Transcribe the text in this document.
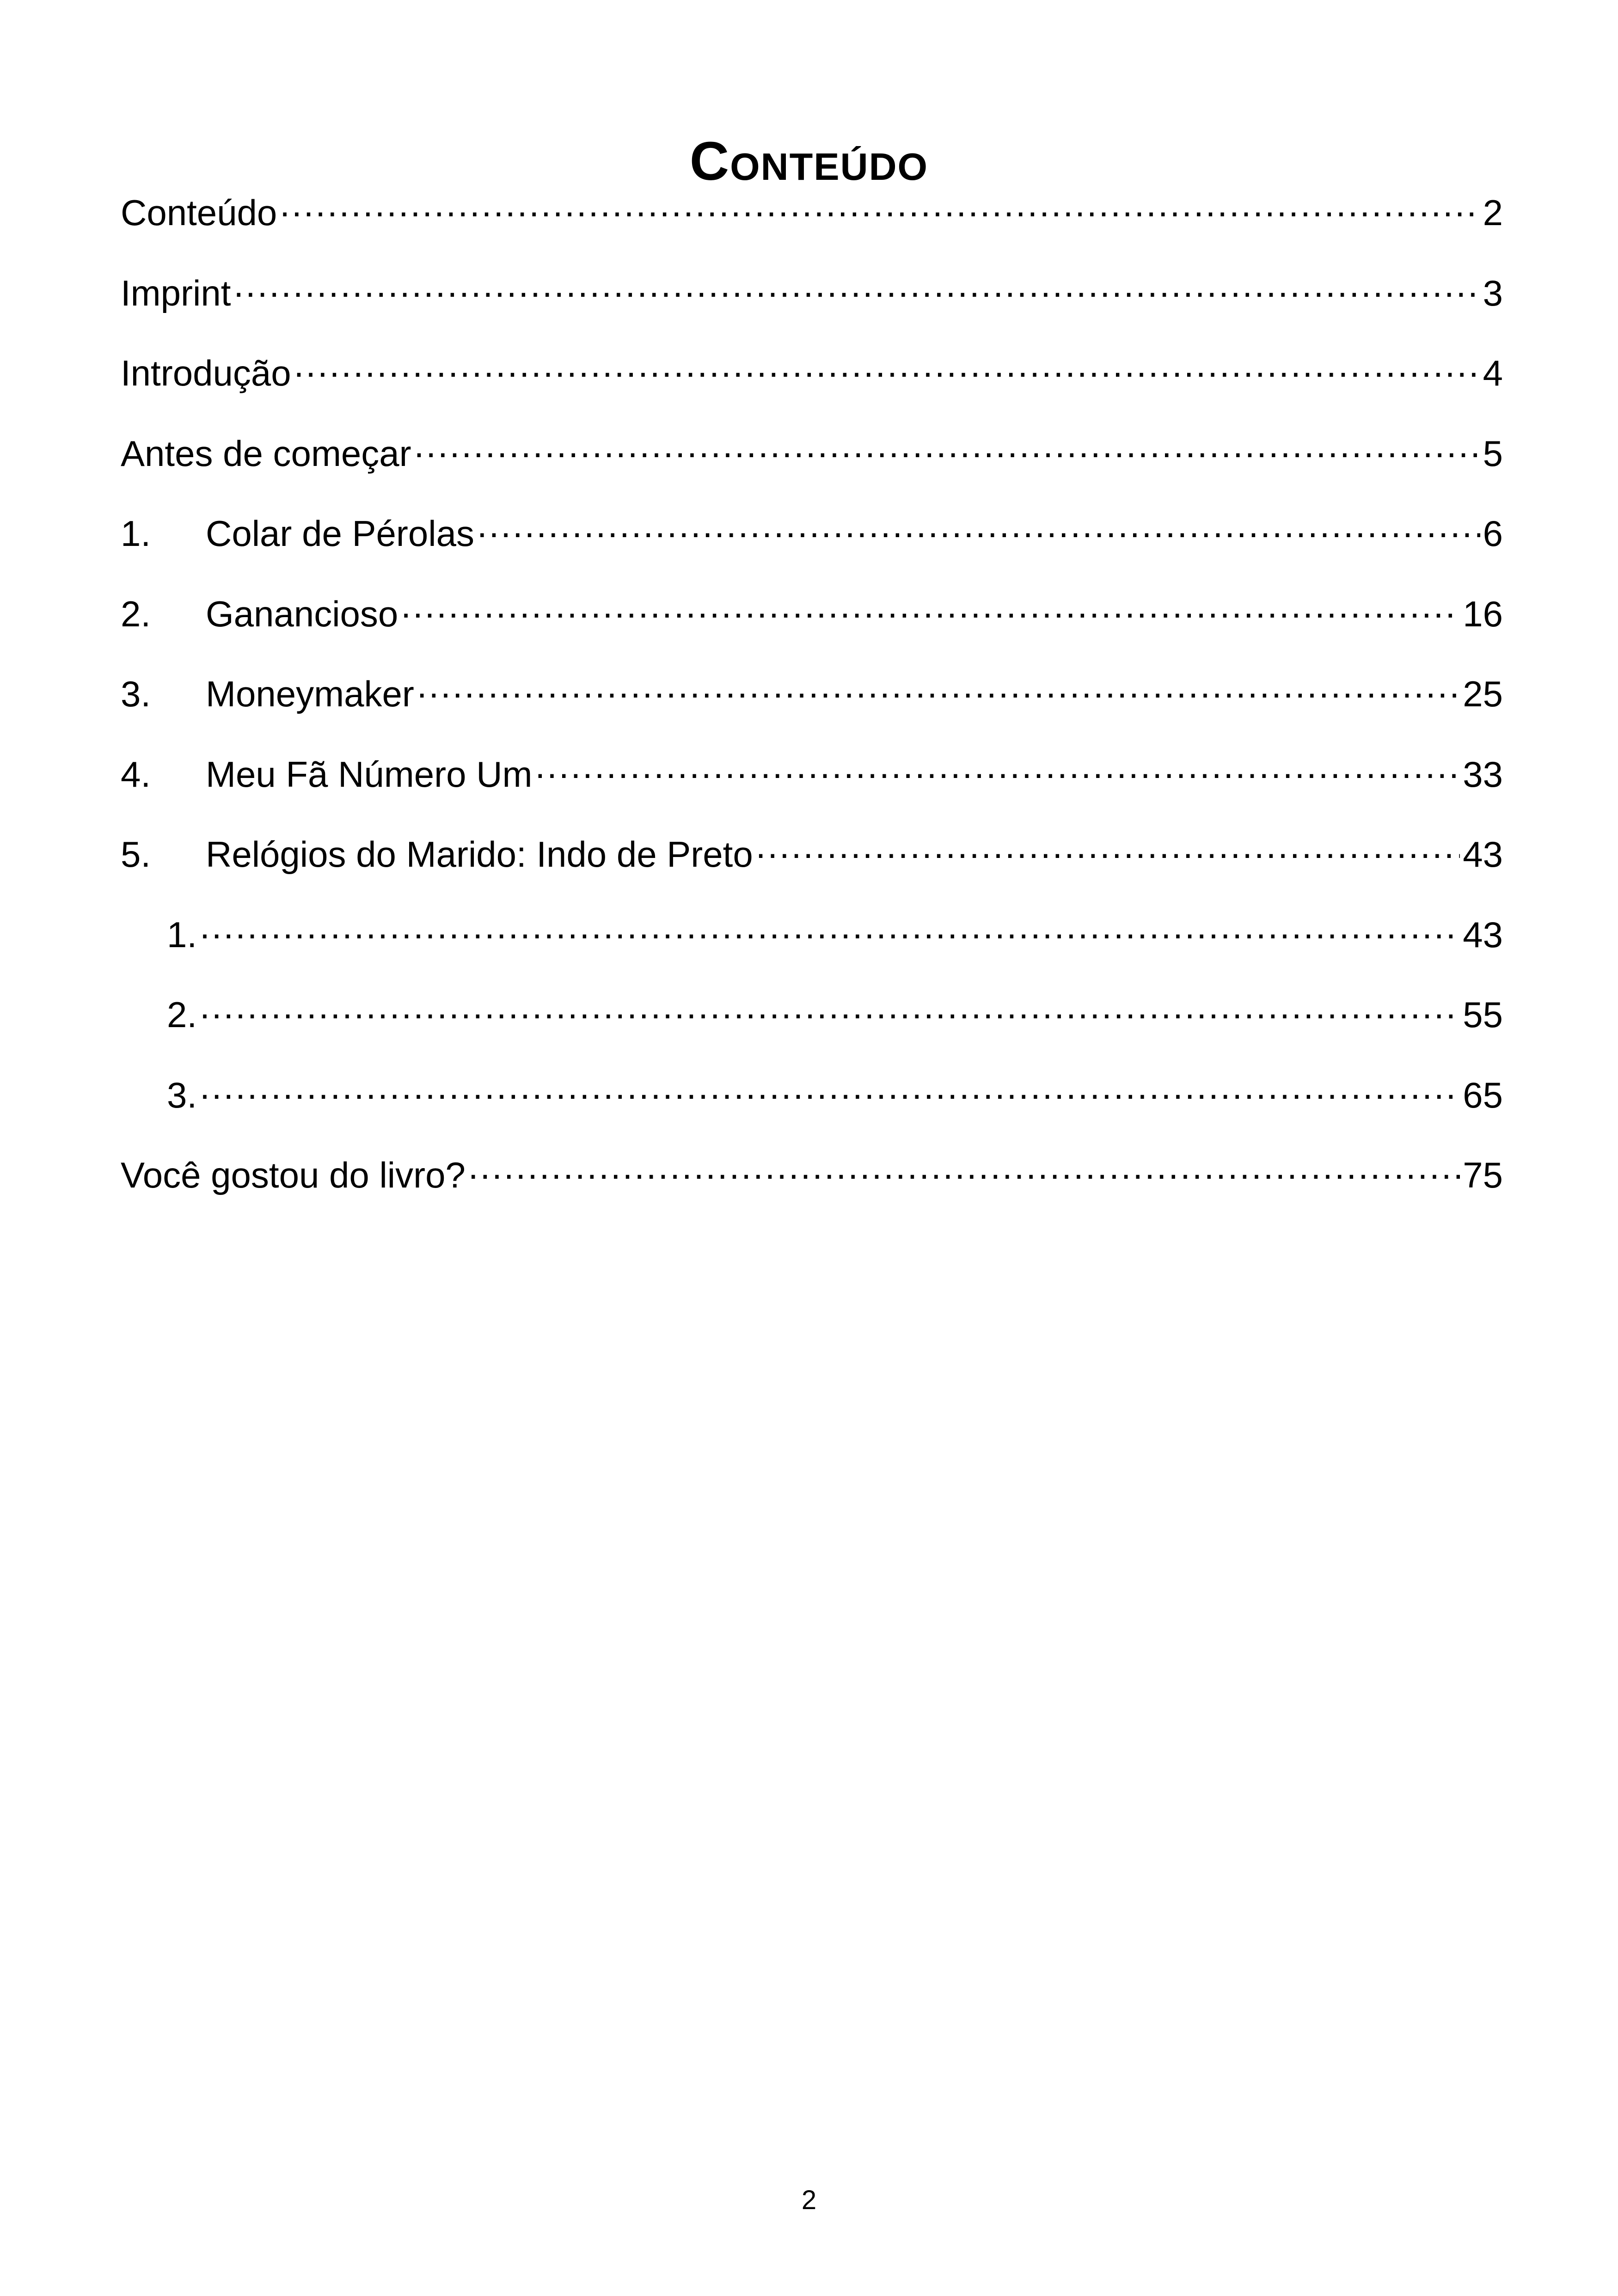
Conteúdo
Conteúdo .....	2
Imprint .....	3
Introdução .....	4
Antes de começar .....	5
1.	Colar de Pérolas .....	6
2.	Ganancioso .....	16
3.	Moneymaker .....	25
4.	Meu Fã Número Um .....	33
5.	Relógios do Marido: Indo de Preto .....	43
1. .....	43
2. .....	55
3. .....	65
Você gostou do livro? .....	75
2
